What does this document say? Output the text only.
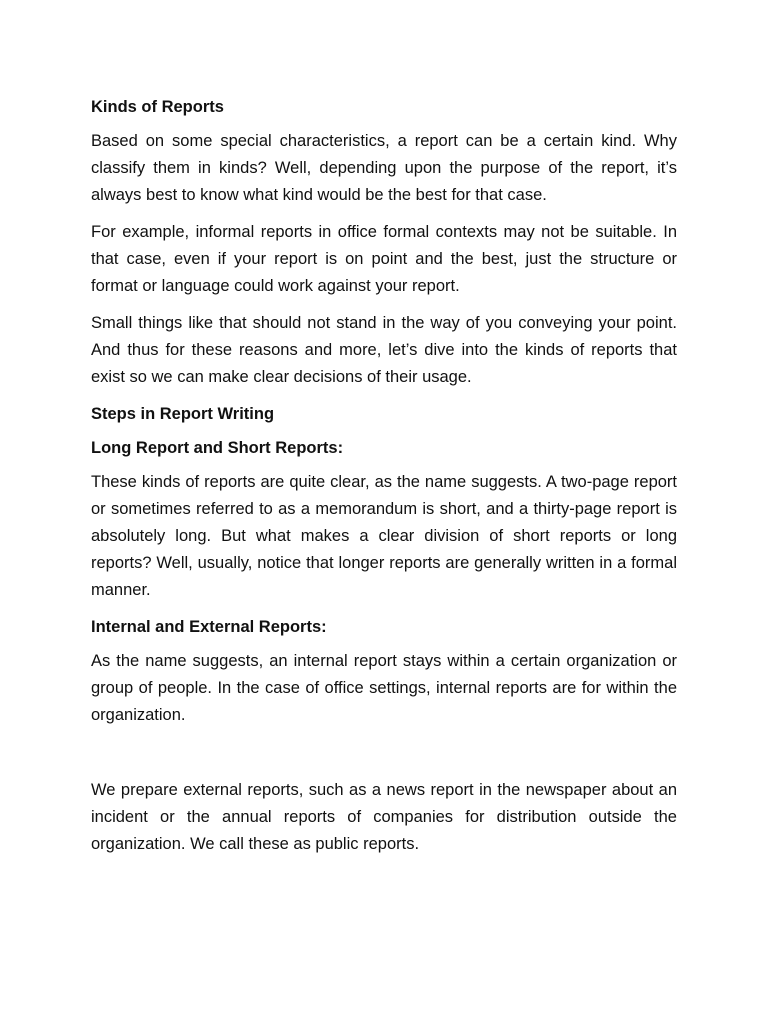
Kinds of Reports

Based on some special characteristics, a report can be a certain kind. Why classify them in kinds? Well, depending upon the purpose of the report, it’s always best to know what kind would be the best for that case.

For example, informal reports in office formal contexts may not be suitable. In that case, even if your report is on point and the best, just the structure or format or language could work against your report.

Small things like that should not stand in the way of you conveying your point. And thus for these reasons and more, let’s dive into the kinds of reports that exist so we can make clear decisions of their usage.

Steps in Report Writing
Long Report and Short Reports:

These kinds of reports are quite clear, as the name suggests. A two-page report or sometimes referred to as a memorandum is short, and a thirty-page report is absolutely long. But what makes a clear division of short reports or long reports? Well, usually, notice that longer reports are generally written in a formal manner.

Internal and External Reports:

As the name suggests, an internal report stays within a certain organization or group of people. In the case of office settings, internal reports are for within the organization.

We prepare external reports, such as a news report in the newspaper about an incident or the annual reports of companies for distribution outside the organization. We call these as public reports.
